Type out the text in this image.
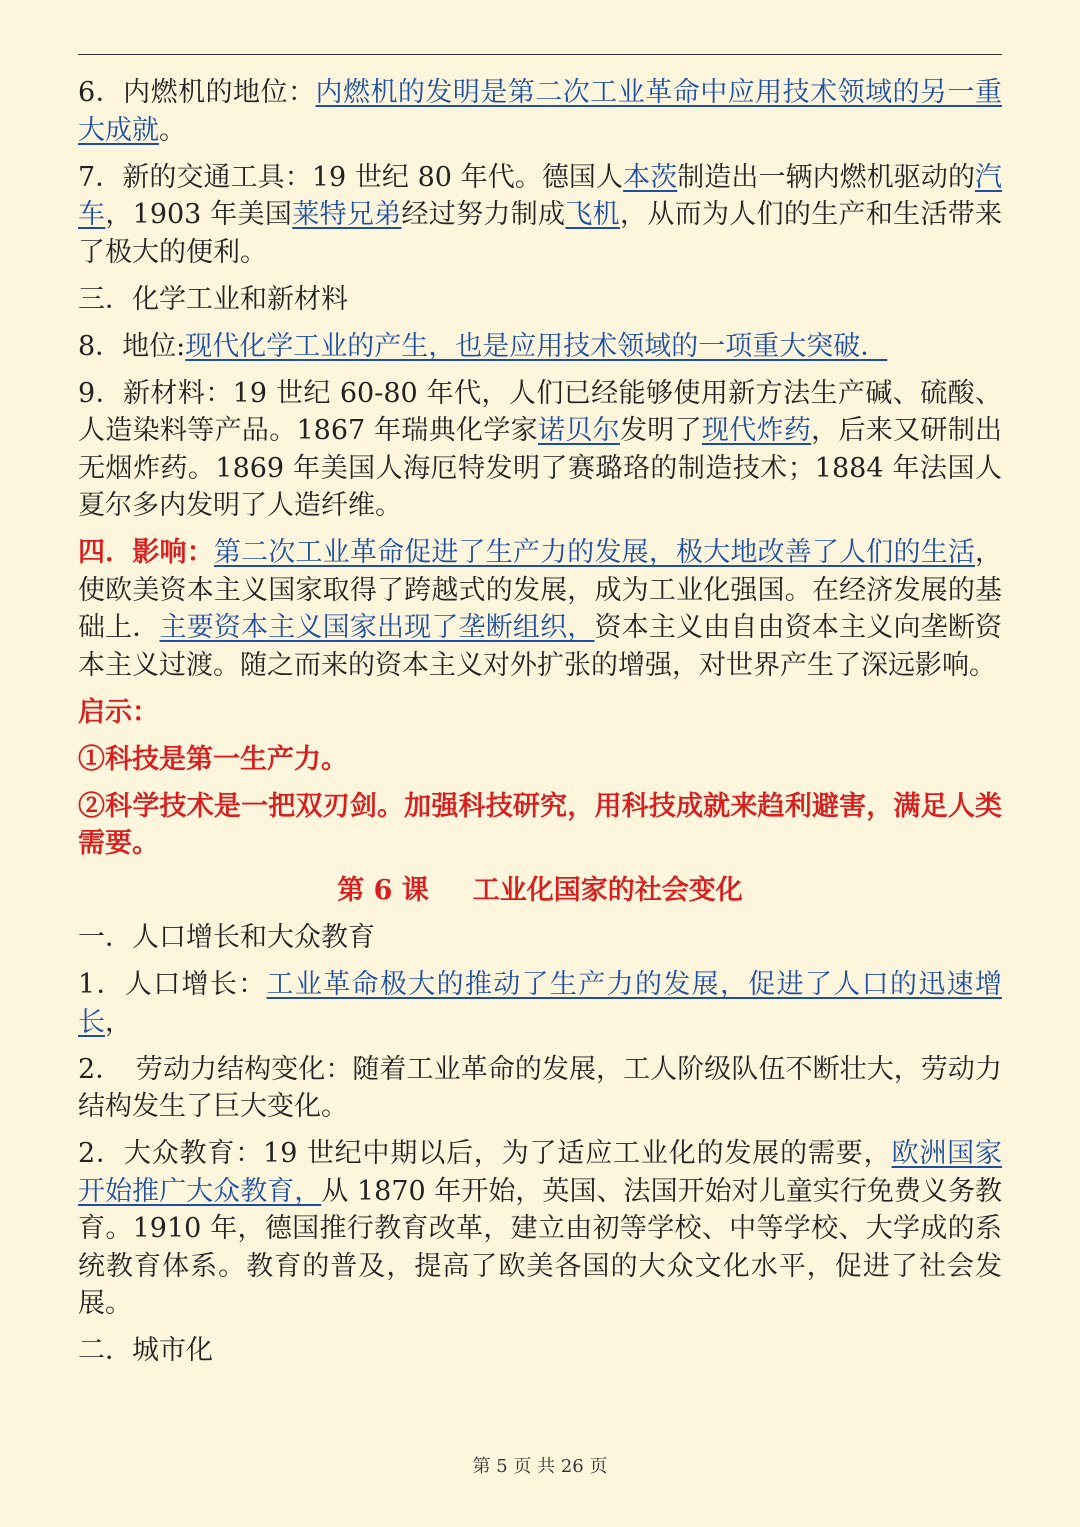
6．内燃机的地位：内燃机的发明是第二次工业革命中应用技术领域的另一重大成就。

7．新的交通工具：19 世纪 80 年代。德国人本茨制造出一辆内燃机驱动的汽车，1903 年美国莱特兄弟经过努力制成飞机，从而为人们的生产和生活带来了极大的便利。

三．化学工业和新材料

8．地位:现代化学工业的产生，也是应用技术领域的一项重大突破．

9．新材料：19 世纪 60-80 年代，人们已经能够使用新方法生产碱、硫酸、人造染料等产品。1867 年瑞典化学家诺贝尔发明了现代炸药，后来又研制出无烟炸药。1869 年美国人海厄特发明了赛璐珞的制造技术；1884 年法国人夏尔多内发明了人造纤维。

四．影响：第二次工业革命促进了生产力的发展，极大地改善了人们的生活，使欧美资本主义国家取得了跨越式的发展，成为工业化强国。在经济发展的基础上．主要资本主义国家出现了垄断组织，资本主义由自由资本主义向垄断资本主义过渡。随之而来的资本主义对外扩张的增强，对世界产生了深远影响。

启示：

①科技是第一生产力。

②科学技术是一把双刃剑。加强科技研究，用科技成就来趋利避害，满足人类需要。

第 6 课 工业化国家的社会变化

一．人口增长和大众教育

1．人口增长：工业革命极大的推动了生产力的发展，促进了人口的迅速增长，

2．　劳动力结构变化：随着工业革命的发展，工人阶级队伍不断壮大，劳动力结构发生了巨大变化。

2．大众教育：19 世纪中期以后，为了适应工业化的发展的需要，欧洲国家开始推广大众教育，从 1870 年开始，英国、法国开始对儿童实行免费义务教育。1910 年，德国推行教育改革，建立由初等学校、中等学校、大学成的系统教育体系。教育的普及，提高了欧美各国的大众文化水平，促进了社会发展。

二．城市化

第 5 页 共 26 页
